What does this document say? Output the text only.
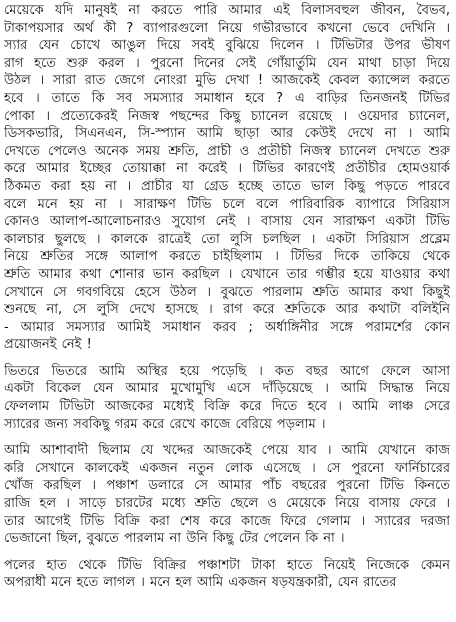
মেয়েকে যদি মানুষই না করতে পারি আমার এই বিলাসবহুল জীবন, বৈভব,
টাকাপয়সার অর্থ কী ? ব্যাপারগুলো নিয়ে গভীরভাবে কখনো ভেবে দেখিনি ।
স্যার যেন চোখে আঙুল দিয়ে সবই বুঝিয়ে দিলেন । টিভিটার উপর ভীষণ
রাগ হতে শুরু করল । পুরনো দিনের সেই গোঁয়ার্তুমি যেন মাথা চাড়া দিয়ে
উঠল । সারা রাত জেগে নোংরা মুভি দেখা ! আজকেই কেবল ক্যান্সেল করতে
হবে । তাতে কি সব সমস্যার সমাধান হবে ? এ বাড়ির তিনজনই টিভির
পোকা । প্রত্যেকেরই নিজস্ব পছন্দের কিছু চ্যানেল রয়েছে । ওয়েদার চ্যানেল,
ডিসকভারি, সিএনএন, সি-স্প্যান আমি ছাড়া আর কেউই দেখে না । আমি
দেখতে পেলেও অনেক সময় শ্রুতি, প্রাচী ও প্রতীচী নিজস্ব চ্যানেল দেখতে শুরু
করে আমার ইচ্ছের তোয়াক্কা না করেই । টিভির কারণেই প্রতীচীর হোমওয়ার্ক
ঠিকমত করা হয় না । প্রাচীর যা গ্রেড হচ্ছে তাতে ভাল কিছু পড়তে পারবে
বলে মনে হয় না । সারাক্ষণ টিভি চলে বলে পারিবারিক ব্যাপারে সিরিয়াস
কোনও আলাপ-আলোচনারও সুযোগ নেই । বাসায় যেন সারাক্ষণ একটা টিভি
কালচার ছুলছে । কালকে রাত্রেই তো লুসি চলছিল । একটা সিরিয়াস প্রব্লেম
নিয়ে শ্রুতির সঙ্গে আলাপ করতে চাইছিলাম । টিভির দিকে তাকিয়ে থেকে
শ্রুতি আমার কথা শোনার ভান করছিল । যেখানে তার গম্ভীর হয়ে যাওয়ার কথা
সেখানে সে গবগবিয়ে হেসে উঠল । বুঝতে পারলাম শ্রুতি আমার কথা কিছুই
শুনছে না, সে লুসি দেখে হাসছে । রাগ করে শ্রুতিকে আর কথাটা বলিইনি
- আমার সমস্যার আমিই সমাধান করব ; অর্ধাঙ্গিনীর সঙ্গে পরামর্শের কোন
প্রয়োজনই নেই !
ভিতরে ভিতরে আমি অস্থির হয়ে পড়েছি । কত বছর আগে ফেলে আসা
একটা বিকেল যেন আমার মুখোমুখি এসে দাঁড়িয়েছে । আমি সিদ্ধান্ত নিয়ে
ফেললাম টিভিটা আজকের মধ্যেই বিক্রি করে দিতে হবে । আমি লাঞ্চ সেরে
স্যারের জন্য সবকিছু গরম করে রেখে কাজে বেরিয়ে পড়লাম ।
আমি আশাবাদী ছিলাম যে খদ্দের আজকেই পেয়ে যাব । আমি যেখানে কাজ
করি সেখানে কালকেই একজন নতুন লোক এসেছে । সে পুরনো ফার্নিচারের
খোঁজ করছিল । পঞ্চাশ ডলারে সে আমার পাঁচ বছরের পুরনো টিভি কিনতে
রাজি হল । সাড়ে চারটের মধ্যে শ্রুতি ছেলে ও মেয়েকে নিয়ে বাসায় ফেরে ।
তার আগেই টিভি বিক্রি করা শেষ করে কাজে ফিরে গেলাম । স্যারের দরজা
ভেজানো ছিল, বুঝতে পারলাম না উনি কিছু টের পেলেন কি না ।
পলের হাত থেকে টিভি বিক্রির পঞ্চাশটা টাকা হাতে নিয়েই নিজেকে কেমন
অপরাধী মনে হতে লাগল । মনে হল আমি একজন ষড়যন্ত্রকারী, যেন রাতের
